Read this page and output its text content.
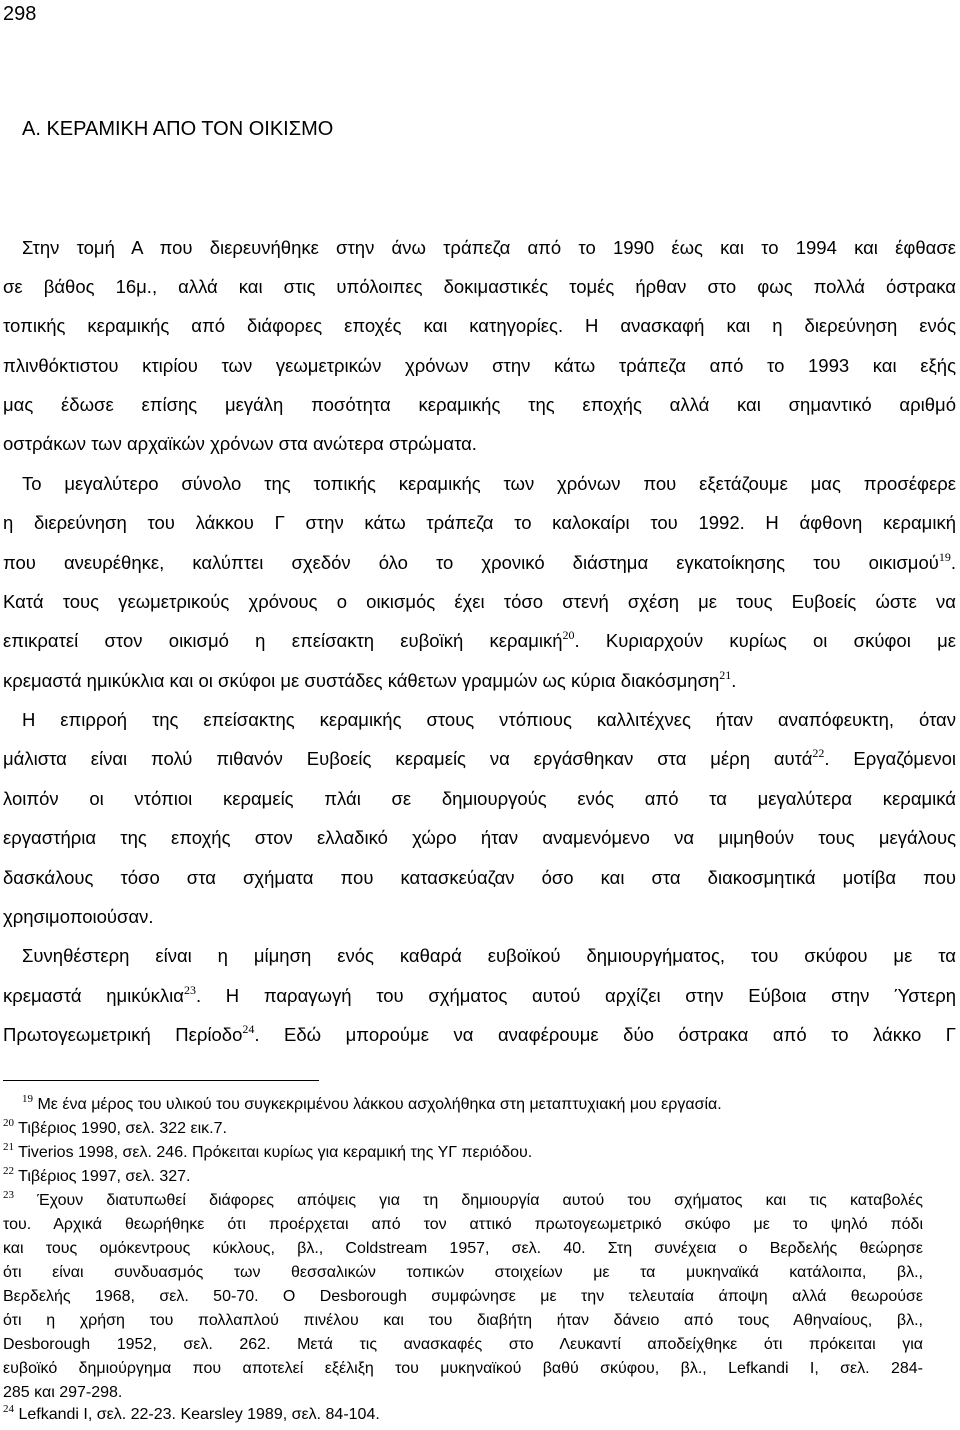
298
Α. ΚΕΡΑΜΙΚΗ ΑΠΟ ΤΟΝ ΟΙΚΙΣΜΟ
Στην τομή Α που διερευνήθηκε στην άνω τράπεζα από το 1990 έως και το 1994 και έφθασε
σε βάθος 16μ., αλλά και στις υπόλοιπες δοκιμαστικές τομές ήρθαν στο φως πολλά όστρακα
τοπικής κεραμικής από διάφορες εποχές και κατηγορίες. Η ανασκαφή και η διερεύνηση ενός
πλινθόκτιστου κτιρίου των γεωμετρικών χρόνων στην κάτω τράπεζα από το 1993 και εξής
μας έδωσε επίσης μεγάλη ποσότητα κεραμικής της εποχής αλλά και σημαντικό αριθμό
οστράκων των αρχαϊκών χρόνων στα ανώτερα στρώματα.
Το μεγαλύτερο σύνολο της τοπικής κεραμικής των χρόνων που εξετάζουμε μας προσέφερε
η διερεύνηση του λάκκου Γ στην κάτω τράπεζα το καλοκαίρι του 1992. Η άφθονη κεραμική
που ανευρέθηκε, καλύπτει σχεδόν όλο το χρονικό διάστημα εγκατοίκησης του οικισμού$^{19}$.
Κατά τους γεωμετρικούς χρόνους ο οικισμός έχει τόσο στενή σχέση με τους Ευβοείς ώστε να
επικρατεί στον οικισμό η επείσακτη ευβοϊκή κεραμική$^{20}$. Κυριαρχούν κυρίως οι σκύφοι με
κρεμαστά ημικύκλια και οι σκύφοι με συστάδες κάθετων γραμμών ως κύρια διακόσμηση$^{21}$.
Η επιρροή της επείσακτης κεραμικής στους ντόπιους καλλιτέχνες ήταν αναπόφευκτη, όταν
μάλιστα είναι πολύ πιθανόν Ευβοείς κεραμείς να εργάσθηκαν στα μέρη αυτά$^{22}$. Εργαζόμενοι
λοιπόν οι ντόπιοι κεραμείς πλάι σε δημιουργούς ενός από τα μεγαλύτερα κεραμικά
εργαστήρια της εποχής στον ελλαδικό χώρο ήταν αναμενόμενο να μιμηθούν τους μεγάλους
δασκάλους τόσο στα σχήματα που κατασκεύαζαν όσο και στα διακοσμητικά μοτίβα που
χρησιμοποιούσαν.
Συνηθέστερη είναι η μίμηση ενός καθαρά ευβοϊκού δημιουργήματος, του σκύφου με τα
κρεμαστά ημικύκλια$^{23}$. Η παραγωγή του σχήματος αυτού αρχίζει στην Εύβοια στην Ύστερη
Πρωτογεωμετρική Περίοδο$^{24}$. Εδώ μπορούμε να αναφέρουμε δύο όστρακα από το λάκκο Γ
$^{19}$ Με ένα μέρος του υλικού του συγκεκριμένου λάκκου ασχολήθηκα στη μεταπτυχιακή μου εργασία.
$^{20}$ Τιβέριος 1990, σελ. 322 εικ.7.
$^{21}$ Tiverios 1998, σελ. 246. Πρόκειται κυρίως για κεραμική της ΥΓ περιόδου.
$^{22}$ Τιβέριος 1997, σελ. 327.
$^{23}$ Έχουν διατυπωθεί διάφορες απόψεις για τη δημιουργία αυτού του σχήματος και τις καταβολές
του. Αρχικά θεωρήθηκε ότι προέρχεται από τον αττικό πρωτογεωμετρικό σκύφο με το ψηλό πόδι
και τους ομόκεντρους κύκλους, βλ., Coldstream 1957, σελ. 40. Στη συνέχεια ο Βερδελής θεώρησε
ότι είναι συνδυασμός των θεσσαλικών τοπικών στοιχείων με τα μυκηναϊκά κατάλοιπα, βλ.,
Βερδελής 1968, σελ. 50-70. Ο Desborough συμφώνησε με την τελευταία άποψη αλλά θεωρούσε
ότι η χρήση του πολλαπλού πινέλου και του διαβήτη ήταν δάνειο από τους Αθηναίους, βλ.,
Desborough 1952, σελ. 262. Μετά τις ανασκαφές στο Λευκαντί αποδείχθηκε ότι πρόκειται για
ευβοϊκό δημιούργημα που αποτελεί εξέλιξη του μυκηναϊκού βαθύ σκύφου, βλ., Lefkandi I, σελ. 284-
285 και 297-298.
$^{24}$ Lefkandi I, σελ. 22-23. Kearsley 1989, σελ. 84-104.
